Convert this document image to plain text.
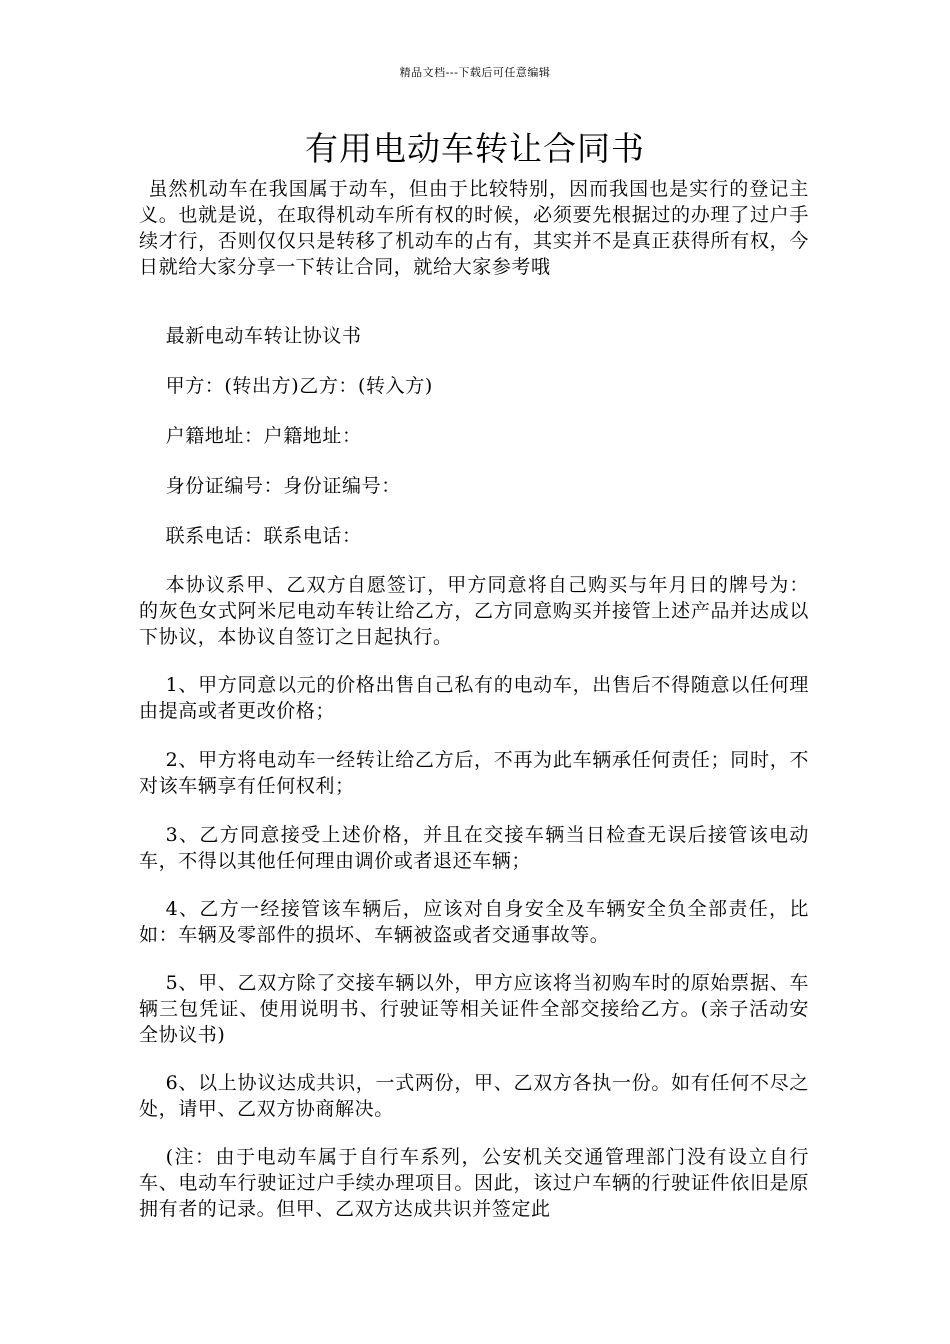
精品文档---下载后可任意编辑
有用电动车转让合同书

虽然机动车在我国属于动车，但由于比较特别，因而我国也是实行的登记主义。也就是说，在取得机动车所有权的时候，必须要先根据过的办理了过户手续才行，否则仅仅只是转移了机动车的占有，其实并不是真正获得所有权，今日就给大家分享一下转让合同，就给大家参考哦

最新电动车转让协议书

甲方：(转出方)乙方：(转入方)

户籍地址：户籍地址：

身份证编号：身份证编号：

联系电话：联系电话：

本协议系甲、乙双方自愿签订，甲方同意将自己购买与年月日的牌号为：的灰色女式阿米尼电动车转让给乙方，乙方同意购买并接管上述产品并达成以下协议，本协议自签订之日起执行。

1、甲方同意以元的价格出售自己私有的电动车，出售后不得随意以任何理由提高或者更改价格；

2、甲方将电动车一经转让给乙方后，不再为此车辆承任何责任；同时，不对该车辆享有任何权利；

3、乙方同意接受上述价格，并且在交接车辆当日检查无误后接管该电动车，不得以其他任何理由调价或者退还车辆；

4、乙方一经接管该车辆后，应该对自身安全及车辆安全负全部责任，比如：车辆及零部件的损坏、车辆被盗或者交通事故等。

5、甲、乙双方除了交接车辆以外，甲方应该将当初购车时的原始票据、车辆三包凭证、使用说明书、行驶证等相关证件全部交接给乙方。(亲子活动安全协议书)

6、以上协议达成共识，一式两份，甲、乙双方各执一份。如有任何不尽之处，请甲、乙双方协商解决。

(注：由于电动车属于自行车系列，公安机关交通管理部门没有设立自行车、电动车行驶证过户手续办理项目。因此，该过户车辆的行驶证件依旧是原拥有者的记录。但甲、乙双方达成共识并签定此
